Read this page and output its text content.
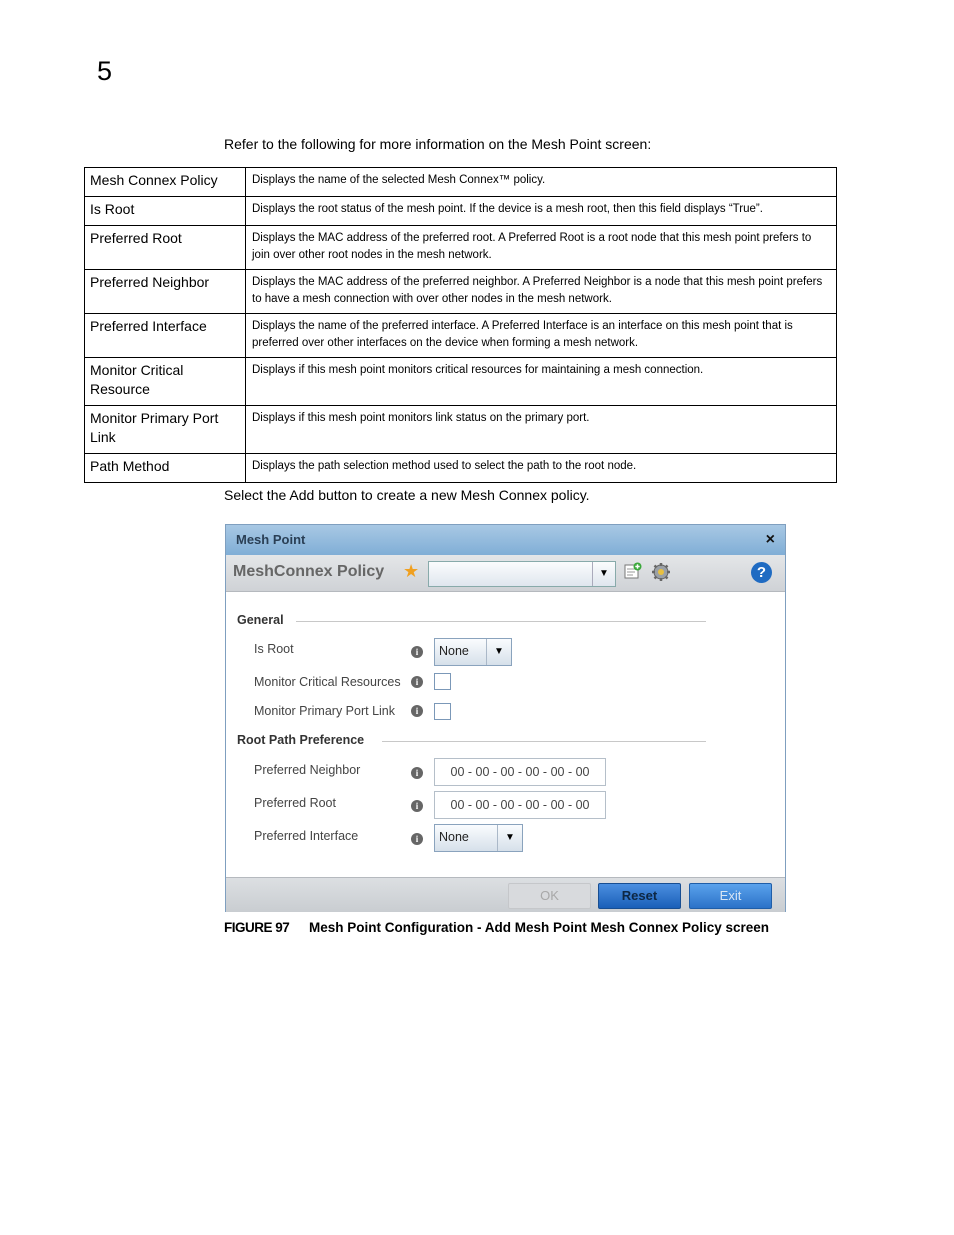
5
Refer to the following for more information on the Mesh Point screen:
Mesh Connex Policy	Displays the name of the selected Mesh Connex™ policy.
Is Root	Displays the root status of the mesh point. If the device is a mesh root, then this field displays “True”.
Preferred Root	Displays the MAC address of the preferred root. A Preferred Root is a root node that this mesh point prefers to join over other root nodes in the mesh network.
Preferred Neighbor	Displays the MAC address of the preferred neighbor. A Preferred Neighbor is a node that this mesh point prefers to have a mesh connection with over other nodes in the mesh network.
Preferred Interface	Displays the name of the preferred interface. A Preferred Interface is an interface on this mesh point that is preferred over other interfaces on the device when forming a mesh network.
Monitor Critical Resource	Displays if this mesh point monitors critical resources for maintaining a mesh connection.
Monitor Primary Port Link	Displays if this mesh point monitors link status on the primary port.
Path Method	Displays the path selection method used to select the path to the root node.
Select the Add button to create a new Mesh Connex policy.
Mesh Point	×
MeshConnex Policy ★	▼	?
General
Is Root	i	None	▼
Monitor Critical Resources	i
Monitor Primary Port Link	i
Root Path Preference
Preferred Neighbor	i	00 - 00 - 00 - 00 - 00 - 00
Preferred Root	i	00 - 00 - 00 - 00 - 00 - 00
Preferred Interface	i	None	▼
OK	Reset	Exit
FIGURE 97 Mesh Point Configuration - Add Mesh Point Mesh Connex Policy screen
